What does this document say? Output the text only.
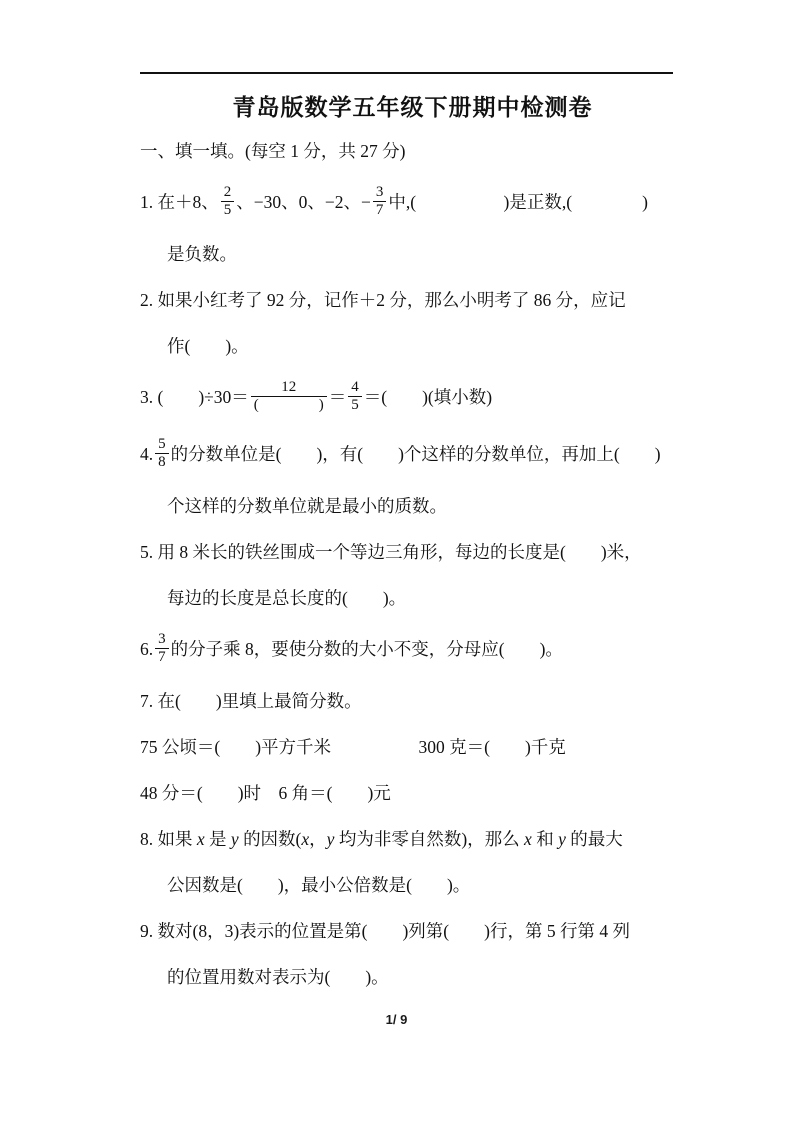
青岛版数学五年级下册期中检测卷
一、填一填。(每空 1 分，共 27 分)
1. 在＋8、 $\frac{2}{5}$ 、−30、0、−2、− $\frac{3}{7}$ 中,(　　　　　)是正数,(　　　　)
是负数。
2. 如果小红考了 92 分，记作＋2 分，那么小明考了 86 分，应记
作(　　)。
3. (　　)$\div 30= \frac{12}{( )} = \frac{4}{5}$ ＝(　　)(填小数)
4. $\frac{5}{8}$ 的分数单位是(　　)，有(　　)个这样的分数单位，再加上(　　)
个这样的分数单位就是最小的质数。
5. 用 8 米长的铁丝围成一个等边三角形，每边的长度是(　　)米，
每边的长度是总长度的(　　)。
6. $\frac{3}{7}$ 的分子乘 8，要使分数的大小不变，分母应(　　)。
7. 在(　　)里填上最简分数。
75 公顷＝(　　)平方千米　　　　　300 克＝(　　)千克
48 分＝(　　)时　6 角＝(　　)元
8. 如果 x 是 y 的因数(x，y 均为非零自然数)，那么 x 和 y 的最大
公因数是(　　)，最小公倍数是(　　)。
9. 数对(8，3)表示的位置是第(　　)列第(　　)行，第 5 行第 4 列
的位置用数对表示为(　　)。
1/ 9
